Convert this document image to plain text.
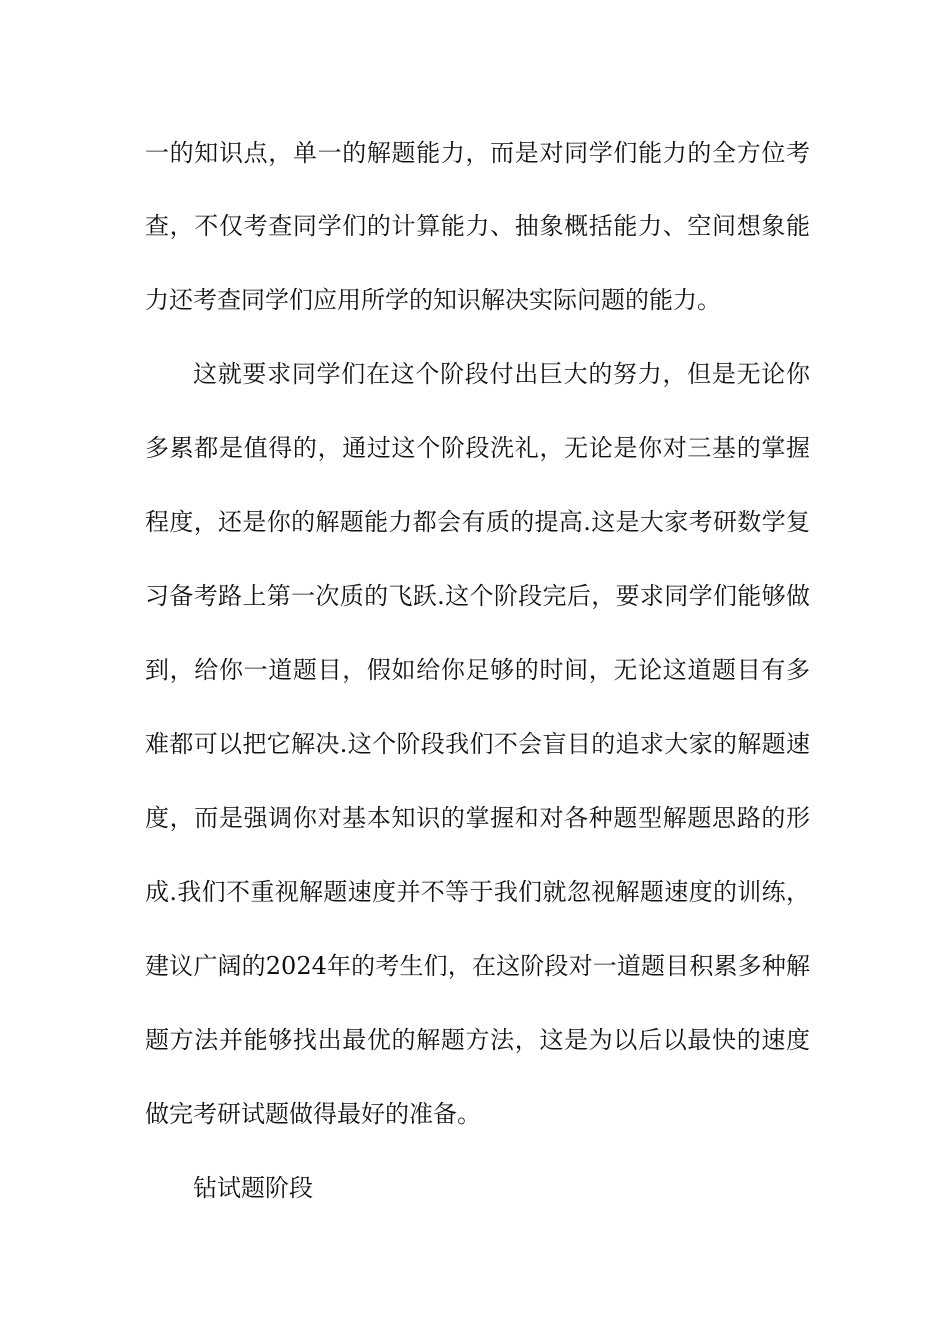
一的知识点，单一的解题能力，而是对同学们能力的全方位考
查，不仅考查同学们的计算能力、抽象概括能力、空间想象能
力还考查同学们应用所学的知识解决实际问题的能力。
这就要求同学们在这个阶段付出巨大的努力，但是无论你
多累都是值得的，通过这个阶段洗礼，无论是你对三基的掌握
程度，还是你的解题能力都会有质的提高.这是大家考研数学复
习备考路上第一次质的飞跃.这个阶段完后，要求同学们能够做
到，给你一道题目，假如给你足够的时间，无论这道题目有多
难都可以把它解决.这个阶段我们不会盲目的追求大家的解题速
度，而是强调你对基本知识的掌握和对各种题型解题思路的形
成.我们不重视解题速度并不等于我们就忽视解题速度的训练，
建议广阔的2024年的考生们，在这阶段对一道题目积累多种解
题方法并能够找出最优的解题方法，这是为以后以最快的速度
做完考研试题做得最好的准备。
钻试题阶段
